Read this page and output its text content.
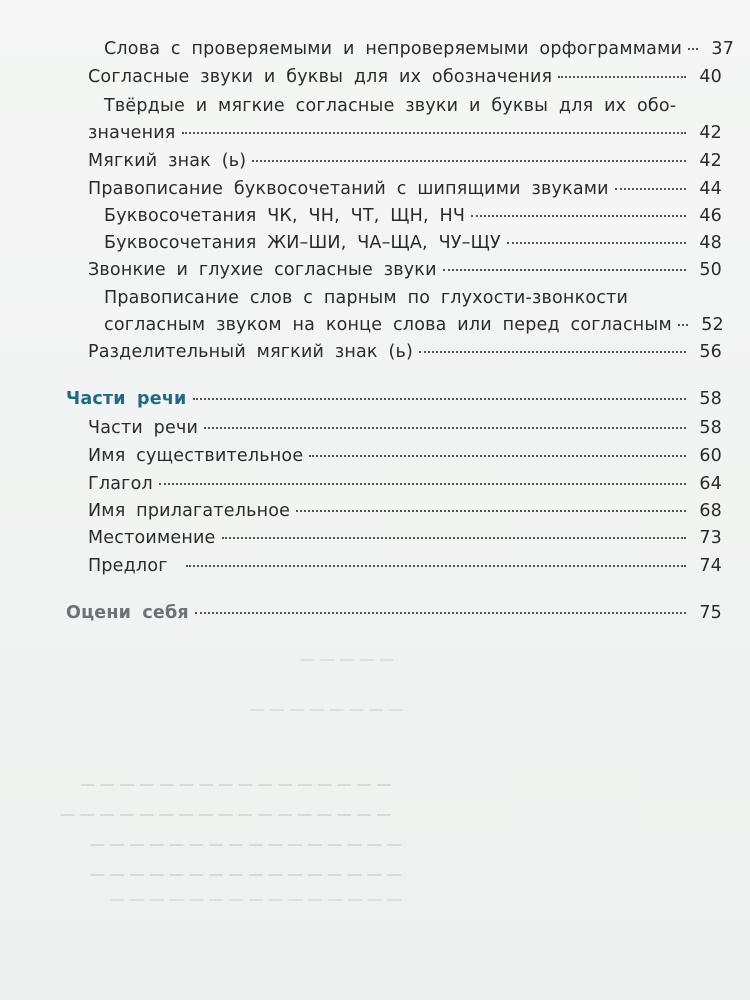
— — — — —
— — — — — — — —
— — — — — — — — — — — — — — — —
— — — — — — — — — — — — — — — — —
— — — — — — — — — — — — — — — —
— — — — — — — — — — — — — — — —
— — — — — — — — — — — — — — —
Слова с проверяемыми и непроверяемыми орфограммами	37
Согласные звуки и буквы для их обозначения	40
Твёрдые и мягкие согласные звуки и буквы для их обо-
значения	42
Мягкий знак (ь)	42
Правописание буквосочетаний с шипящими звуками	44
Буквосочетания ЧК, ЧН, ЧТ, ЩН, НЧ	46
Буквосочетания ЖИ–ШИ, ЧА–ЩА, ЧУ–ЩУ	48
Звонкие и глухие согласные звуки	50
Правописание слов с парным по глухости-звонкости
согласным звуком на конце слова или перед согласным	52
Разделительный мягкий знак (ь)	56
Части речи	58
Части речи	58
Имя существительное	60
Глагол	64
Имя прилагательное	68
Местоимение	73
Предлог	74
Оцени себя	75
